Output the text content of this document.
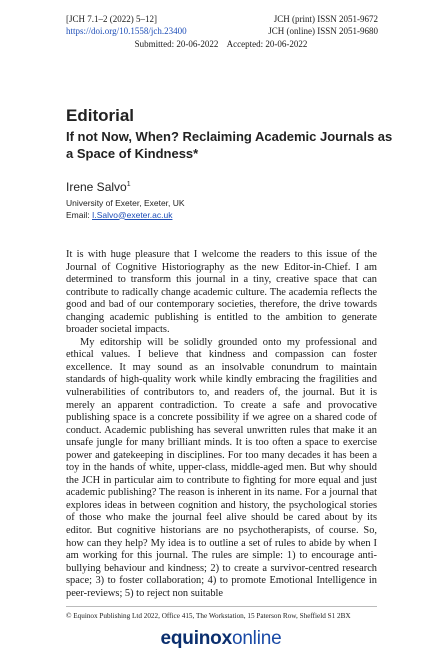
[JCH 7.1–2 (2022) 5–12]
https://doi.org/10.1558/jch.23400
JCH (print) ISSN 2051-9672
JCH (online) ISSN 2051-9680
Submitted: 20-06-2022 Accepted: 20-06-2022
Editorial
If not Now, When? Reclaiming Academic Journals as a Space of Kindness*
Irene Salvo$^1$
University of Exeter, Exeter, UK
Email: I.Salvo@exeter.ac.uk

It is with huge pleasure that I welcome the readers to this issue of the Journal of Cognitive Historiography as the new Editor-in-Chief. I am determined to transform this journal in a tiny, creative space that can contribute to radically change academic culture. The academia reflects the good and bad of our contemporary societies, therefore, the drive towards changing academic publishing is entitled to the ambition to generate broader societal impacts.

My editorship will be solidly grounded onto my professional and ethical values. I believe that kindness and compassion can foster excellence. It may sound as an insolvable conundrum to maintain standards of high-quality work while kindly embracing the fragilities and vulnerabilities of contributors to, and readers of, the journal. But it is merely an apparent contradiction. To create a safe and provocative publishing space is a concrete possibility if we agree on a shared code of conduct. Academic publishing has several unwritten rules that make it an unsafe jungle for many brilliant minds. It is too often a space to exercise power and gatekeeping in disciplines. For too many decades it has been a toy in the hands of white, upper-class, middle-aged men. But why should the JCH in particular aim to contribute to fighting for more equal and just academic publishing? The reason is inherent in its name. For a journal that explores ideas in between cognition and history, the psychological stories of those who make the journal feel alive should be cared about by its editor. But cognitive historians are no psychotherapists, of course. So, how can they help? My idea is to outline a set of rules to abide by when I am working for this journal. The rules are simple: 1) to encourage anti-bullying behaviour and kindness; 2) to create a survivor-centred research space; 3) to foster collaboration; 4) to promote Emotional Intelligence in peer-reviews; 5) to reject non suitable

© Equinox Publishing Ltd 2022, Office 415, The Workstation, 15 Paterson Row, Sheffield S1 2BX
equinoxonline
